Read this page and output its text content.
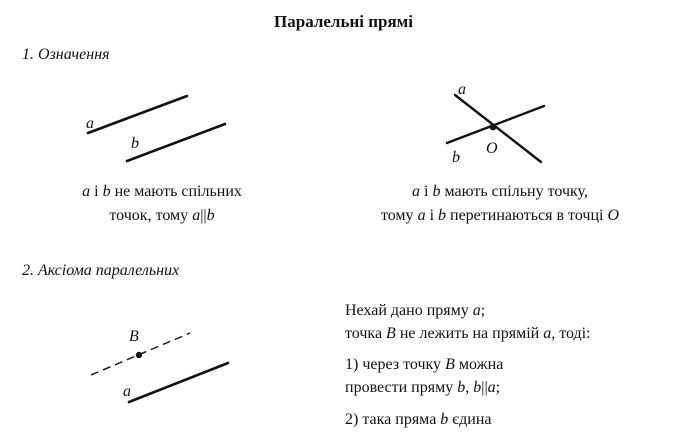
Паралельні прямі
1. Означення
a
b
a
b
O
a і b не мають спільних
точок, тому a||b
a і b мають спільну точку,
тому a і b перетинаються в точці O
2. Аксіома паралельних
B
a
Нехай дано пряму a;
точка B не лежить на прямій a, тоді:
1) через точку B можна
провести пряму b, b||a;
2) така пряма b єдина
